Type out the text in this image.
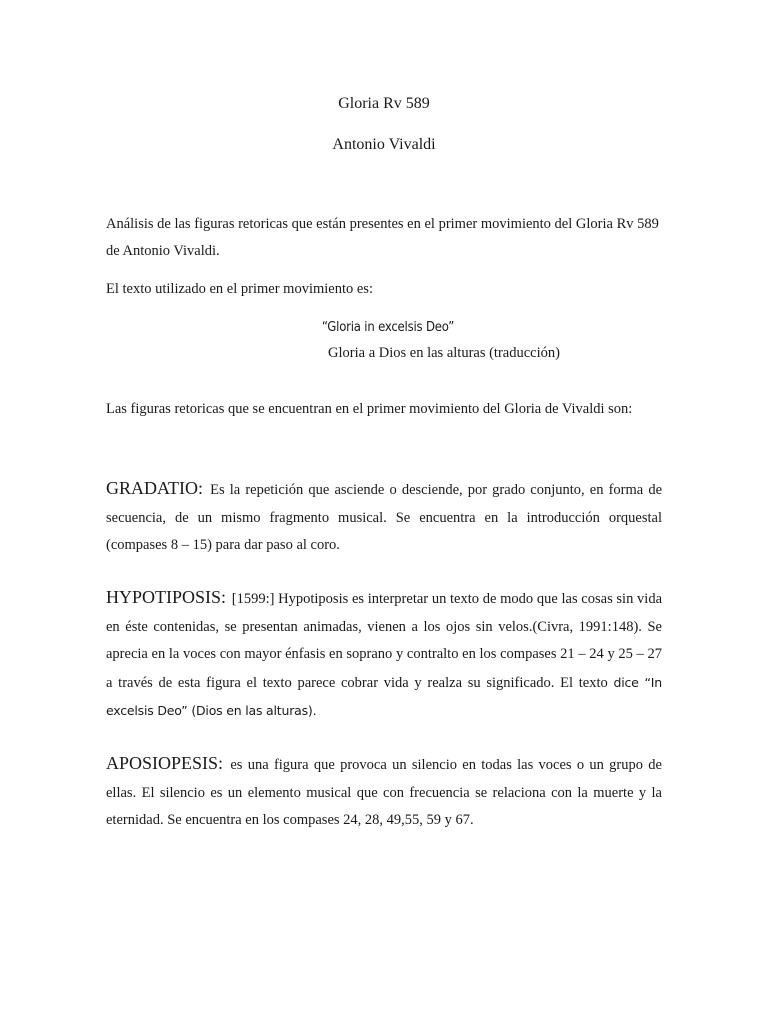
Gloria Rv 589
Antonio Vivaldi

Análisis de las figuras retoricas que están presentes en el primer movimiento del Gloria Rv 589 de Antonio Vivaldi.

El texto utilizado en el primer movimiento es:

“Gloria in excelsis Deo”
Gloria a Dios en las alturas (traducción)

Las figuras retoricas que se encuentran en el primer movimiento del Gloria de Vivaldi son:

GRADATIO: Es la repetición que asciende o desciende, por grado conjunto, en forma de secuencia, de un mismo fragmento musical. Se encuentra en la introducción orquestal (compases 8 – 15) para dar paso al coro.

HYPOTIPOSIS: [1599:] Hypotiposis es interpretar un texto de modo que las cosas sin vida en éste contenidas, se presentan animadas, vienen a los ojos sin velos.(Civra, 1991:148). Se aprecia en la voces con mayor énfasis en soprano y contralto en los compases 21 – 24 y 25 – 27 a través de esta figura el texto parece cobrar vida y realza su significado. El texto dice “In excelsis Deo” (Dios en las alturas).

APOSIOPESIS: es una figura que provoca un silencio en todas las voces o un grupo de ellas. El silencio es un elemento musical que con frecuencia se relaciona con la muerte y la eternidad. Se encuentra en los compases 24, 28, 49,55, 59 y 67.
